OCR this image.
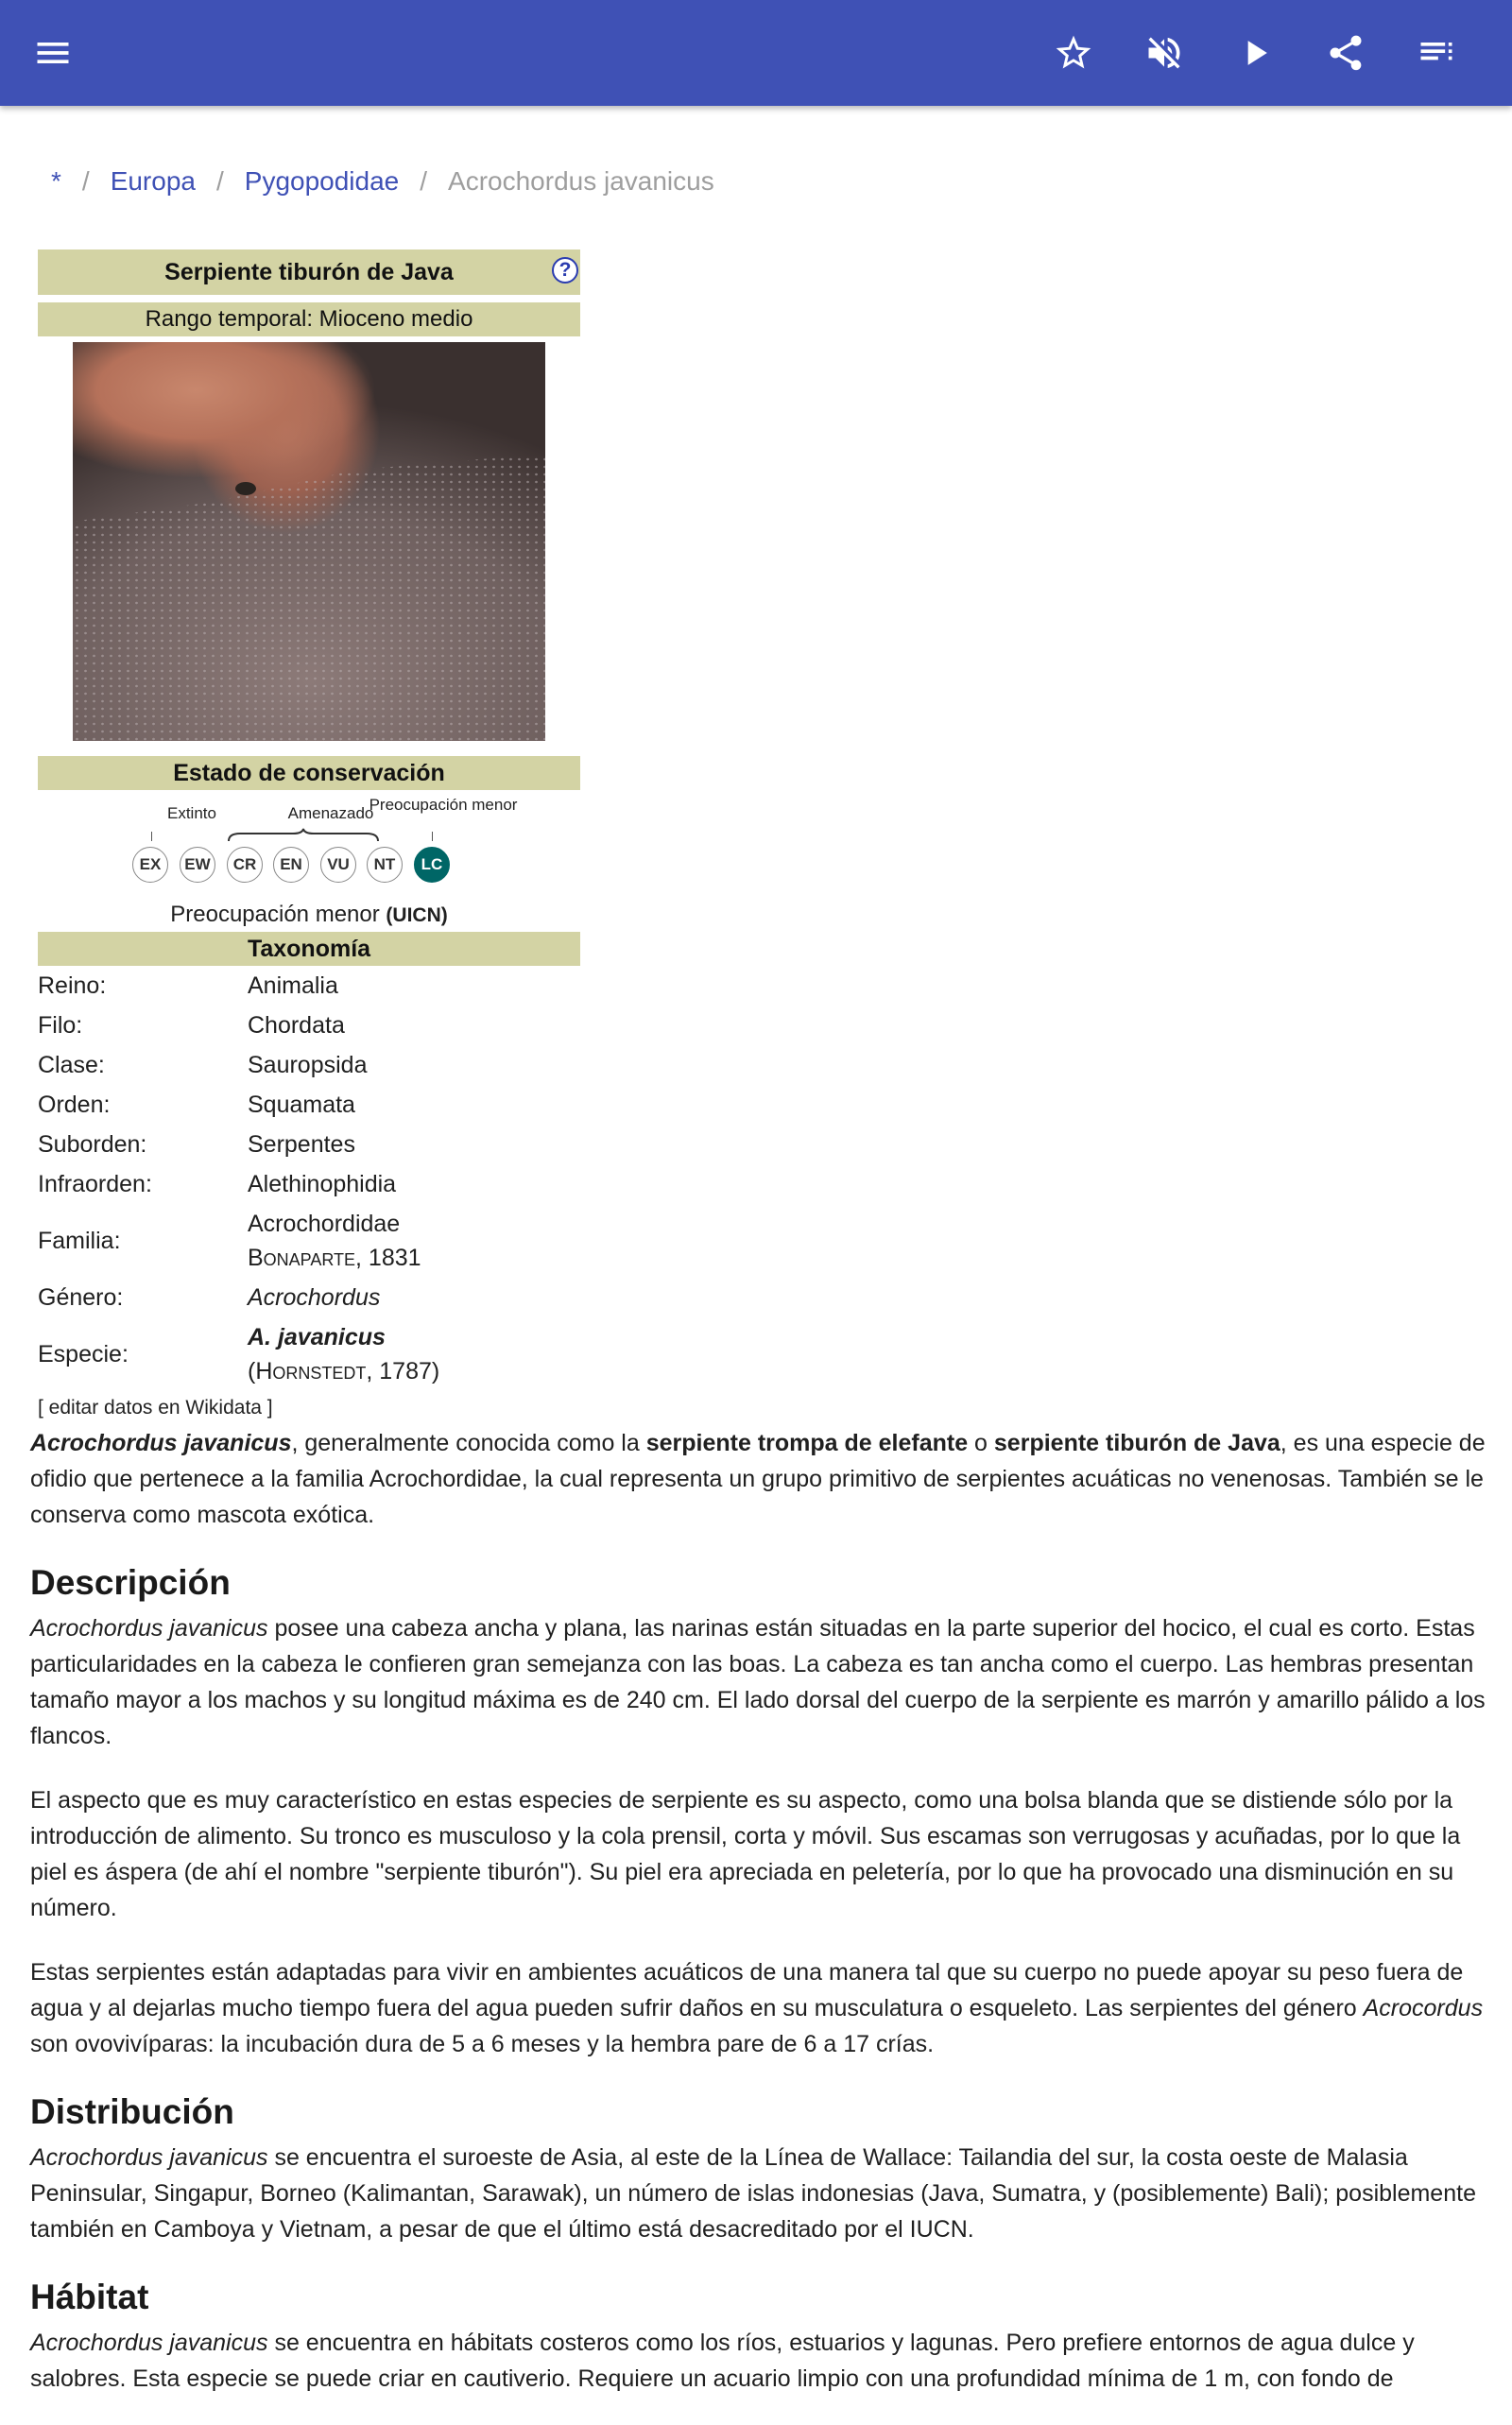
* / Europa / Pygopodidae / Acrochordus javanicus
Serpiente tiburón de Java	?
Rango temporal: Mioceno medio
Estado de conservación
Taxonomía
Reino:	Animalia
Filo:	Chordata
Clase:	Sauropsida
Orden:	Squamata
Suborden:	Serpentes
Infraorden:	Alethinophidia
Familia:	Acrochordidae
Bonaparte, 1831
Género:	Acrochordus
Especie:	A. javanicus
(Hornstedt, 1787)
[ editar datos en Wikidata ]
Extinto	Amenazado
Preocupación menor
EX	EW	CR	EN	VU	NT	LC
Preocupación menor (UICN)

Acrochordus javanicus, generalmente conocida como la serpiente trompa de elefante o serpiente tiburón de Java, es una especie de ofidio que pertenece a la familia Acrochordidae, la cual representa un grupo primitivo de serpientes acuáticas no venenosas. También se le conserva como mascota exótica.

Descripción

Acrochordus javanicus posee una cabeza ancha y plana, las narinas están situadas en la parte superior del hocico, el cual es corto. Estas particularidades en la cabeza le confieren gran semejanza con las boas. La cabeza es tan ancha como el cuerpo. Las hembras presentan tamaño mayor a los machos y su longitud máxima es de 240 cm. El lado dorsal del cuerpo de la serpiente es marrón y amarillo pálido a los flancos.

El aspecto que es muy característico en estas especies de serpiente es su aspecto, como una bolsa blanda que se distiende sólo por la introducción de alimento. Su tronco es musculoso y la cola prensil, corta y móvil. Sus escamas son verrugosas y acuñadas, por lo que la piel es áspera (de ahí el nombre "serpiente tiburón"). Su piel era apreciada en peletería, por lo que ha provocado una disminución en su número.

Estas serpientes están adaptadas para vivir en ambientes acuáticos de una manera tal que su cuerpo no puede apoyar su peso fuera de agua y al dejarlas mucho tiempo fuera del agua pueden sufrir daños en su musculatura o esqueleto. Las serpientes del género Acrocordus son ovovivíparas: la incubación dura de 5 a 6 meses y la hembra pare de 6 a 17 crías.

Distribución

Acrochordus javanicus se encuentra el suroeste de Asia, al este de la Línea de Wallace: Tailandia del sur, la costa oeste de Malasia Peninsular, Singapur, Borneo (Kalimantan, Sarawak), un número de islas indonesias (Java, Sumatra, y (posiblemente) Bali); posiblemente también en Camboya y Vietnam, a pesar de que el último está desacreditado por el IUCN.

Hábitat

Acrochordus javanicus se encuentra en hábitats costeros como los ríos, estuarios y lagunas. Pero prefiere entornos de agua dulce y salobres. Esta especie se puede criar en cautiverio. Requiere un acuario limpio con una profundidad mínima de 1 m, con fondo de
